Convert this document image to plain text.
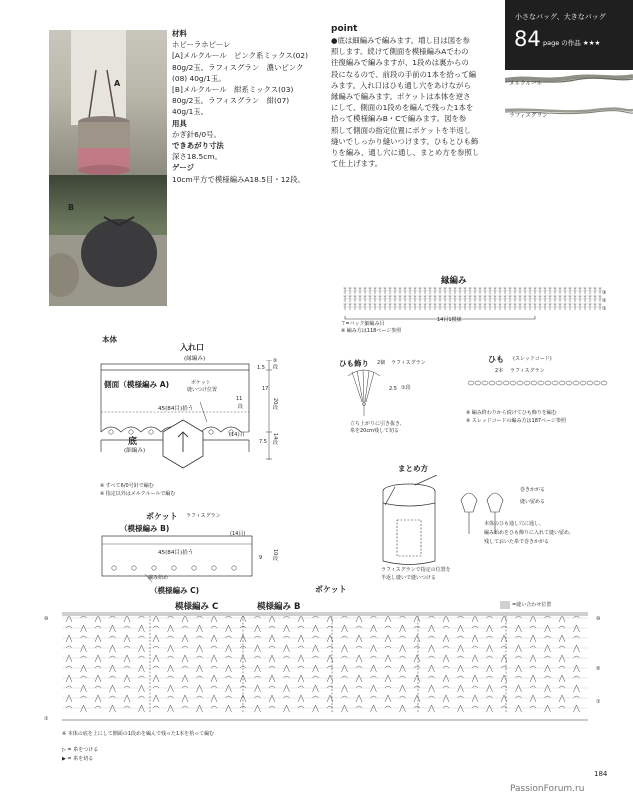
A
B
材料
ホビーラホビーレ
[A]メルクルール　ピンク系ミックス(02)
80g/2玉。ラフィスグラン　濃いピンク
(08) 40g/1玉。
[B]メルクルール　紺系ミックス(03)
80g/2玉。ラフィスグラン　紺(07)
40g/1玉。
用具
かぎ針6/0号。
できあがり寸法
深さ18.5cm。
ゲージ
10cm平方で模様編みA18.5目・12段。
point
●底は細編みで編みます。増し目は図を参
照します。続けて側面を模様編みAでわの
往復編みで編みますが、1段めは裏からの
段になるので、前段の手前の1本を拾って編
みます。入れ口はひも通し穴をあけながら
縁編みで編みます。ポケットは本体を逆さ
にして、側面の1段めを編んで残った1本を
拾って模様編みB・Cで編みます。図を参
照して側面の指定位置にポケットを半返し
縫いでしっかり縫いつけます。ひもとひも飾
りを編み、通し穴に通し、まとめ方を参照し
て仕上げます。
小さなバッグ、大きなバッグ
84 page の作品 ★★★
メルクルール
ラフィスグラン
縁編み
③
②
①
14目1模様
⊤=バック細編み目
※ 編み方は118ページ参照
本体
入れ口
(縁編み)
側面（模様編み A)	ポケット
縫いつけ位置
45(84目)拾う
底
(細編み)
(14目)
1.5 ③段
17
20段
11
段
7.5 14段
※ すべて6/0号針で編む
※ 指定以外はメルクルールで編む
ひも飾り 2個 ラフィスグラン
2.5 ①段
立ち上がりに引き抜き、
糸を20cm残して切る
ひも (スレッドコード)
2本 ラフィスグラン
※ 編み終わりから続けてひも飾りを編む
※ スレッドコードの編み方は187ページ参照
まとめ方
巻きかがる
縫い留める
本体のひも通し穴に通し、
編み始めをひも飾りに入れて縫い留め、
残しておいた糸で巻きかがる
ラフィスグランで指定の位置を
半返し縫いで縫いつける
ポケット ラフィスグラン
（模様編み B)
(14目)
45(84目)拾う
編み始め
9 10段
（模様編み C)	ポケット
模様編み C	模様編み B	=縫い合わせ位置
⑩
①
⑩
⑤
①
※ 本体の底を上にして側面の1段めを編んで残った1本を拾って編む
▷ = 糸をつける
▶ = 糸を切る
184
PassionForum.ru
